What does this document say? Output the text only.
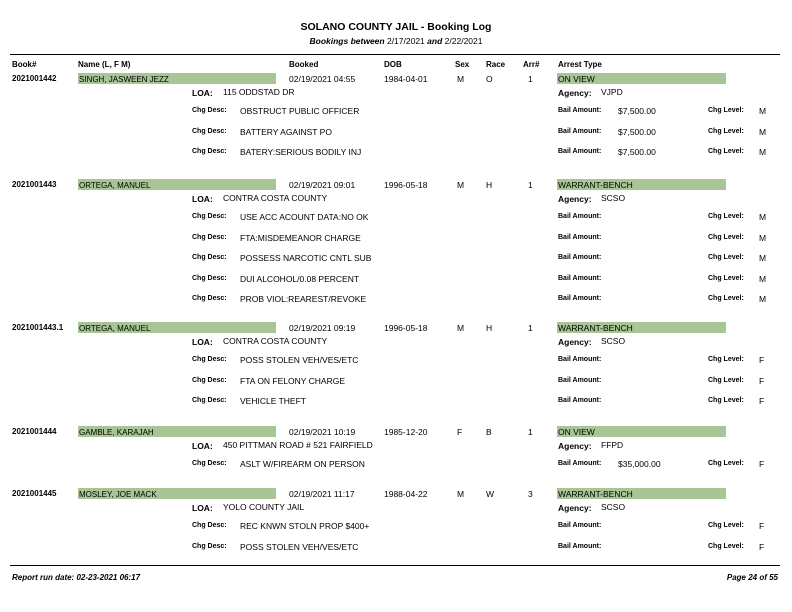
SOLANO COUNTY JAIL - Booking Log
Bookings between 2/17/2021 and 2/22/2021
Book#	Name (L, F M)	Booked	DOB	Sex Race Arr# Arrest Type
2021001442	SINGH, JASWEEN JEZZ	02/19/2021 04:55	1984-04-01	M	O	1	ON VIEW
LOA: 115 ODDSTAD DR	Agency: VJPD
Chg Desc: OBSTRUCT PUBLIC OFFICER	Bail Amount: $7,500.00	Chg Level: M
Chg Desc: BATTERY AGAINST PO	Bail Amount: $7,500.00	Chg Level: M
Chg Desc: BATERY:SERIOUS BODILY INJ	Bail Amount: $7,500.00	Chg Level: M
2021001443	ORTEGA, MANUEL	02/19/2021 09:01	1996-05-18	M	H	1	WARRANT-BENCH
LOA: CONTRA COSTA COUNTY	Agency: SCSO
Chg Desc: USE ACC ACOUNT DATA:NO OK	Bail Amount:	Chg Level: M
Chg Desc: FTA:MISDEMEANOR CHARGE	Bail Amount:	Chg Level: M
Chg Desc: POSSESS NARCOTIC CNTL SUB	Bail Amount:	Chg Level: M
Chg Desc: DUI ALCOHOL/0.08 PERCENT	Bail Amount:	Chg Level: M
Chg Desc: PROB VIOL:REAREST/REVOKE	Bail Amount:	Chg Level: M
2021001443.1 ORTEGA, MANUEL	02/19/2021 09:19	1996-05-18	M	H	1	WARRANT-BENCH
LOA: CONTRA COSTA COUNTY	Agency: SCSO
Chg Desc: POSS STOLEN VEH/VES/ETC	Bail Amount:	Chg Level: F
Chg Desc: FTA ON FELONY CHARGE	Bail Amount:	Chg Level: F
Chg Desc: VEHICLE THEFT	Bail Amount:	Chg Level: F
2021001444	GAMBLE, KARAJAH	02/19/2021 10:19	1985-12-20	F	B	1	ON VIEW
LOA: 450 PITTMAN ROAD # 521 FAIRFIELD	Agency: FFPD
Chg Desc: ASLT W/FIREARM ON PERSON	Bail Amount: $35,000.00	Chg Level: F
2021001445	MOSLEY, JOE MACK	02/19/2021 11:17	1988-04-22	M	W	3	WARRANT-BENCH
LOA: YOLO COUNTY JAIL	Agency: SCSO
Chg Desc: REC KNWN STOLN PROP $400+	Bail Amount:	Chg Level: F
Chg Desc: POSS STOLEN VEH/VES/ETC	Bail Amount:	Chg Level: F
Report run date: 02-23-2021 06:17	Page 24 of 55
